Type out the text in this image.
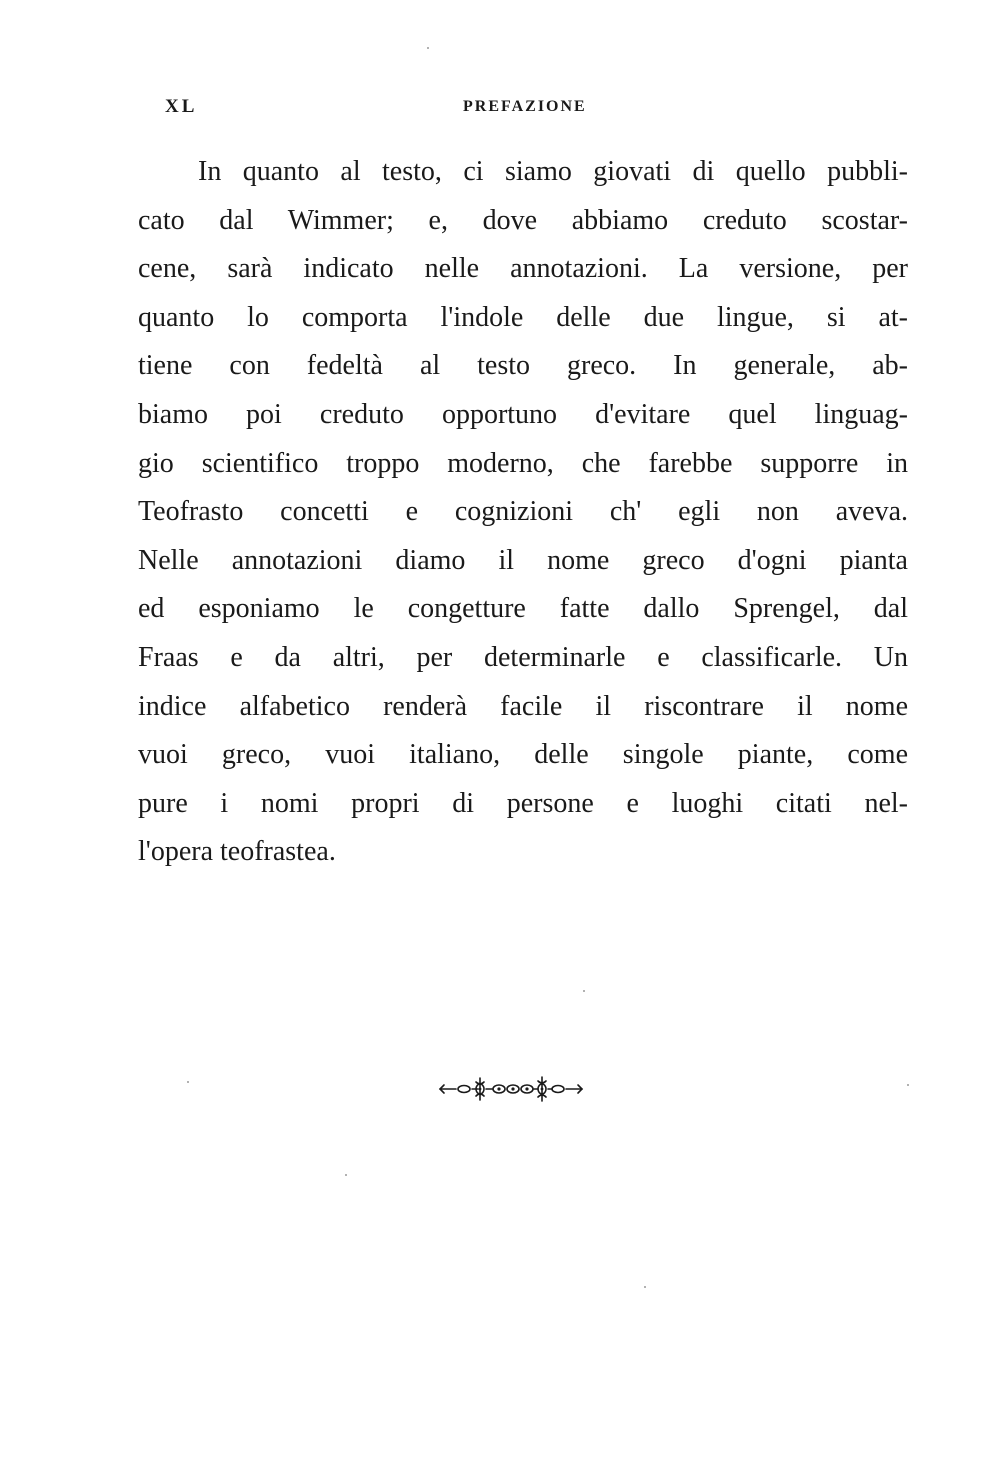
XL	PREFAZIONE
In quanto al testo, ci siamo giovati di quello pubbli-
cato dal Wimmer; e, dove abbiamo creduto scostar-
cene, sarà indicato nelle annotazioni. La versione, per
quanto lo comporta l'indole delle due lingue, si at-
tiene con fedeltà al testo greco. In generale, ab-
biamo poi creduto opportuno d'evitare quel linguag-
gio scientifico troppo moderno, che farebbe supporre in
Teofrasto concetti e cognizioni ch' egli non aveva.
Nelle annotazioni diamo il nome greco d'ogni pianta
ed esponiamo le congetture fatte dallo Sprengel, dal
Fraas e da altri, per determinarle e classificarle. Un
indice alfabetico renderà facile il riscontrare il nome
vuoi greco, vuoi italiano, delle singole piante, come
pure i nomi propri di persone e luoghi citati nel-
l'opera teofrastea.
